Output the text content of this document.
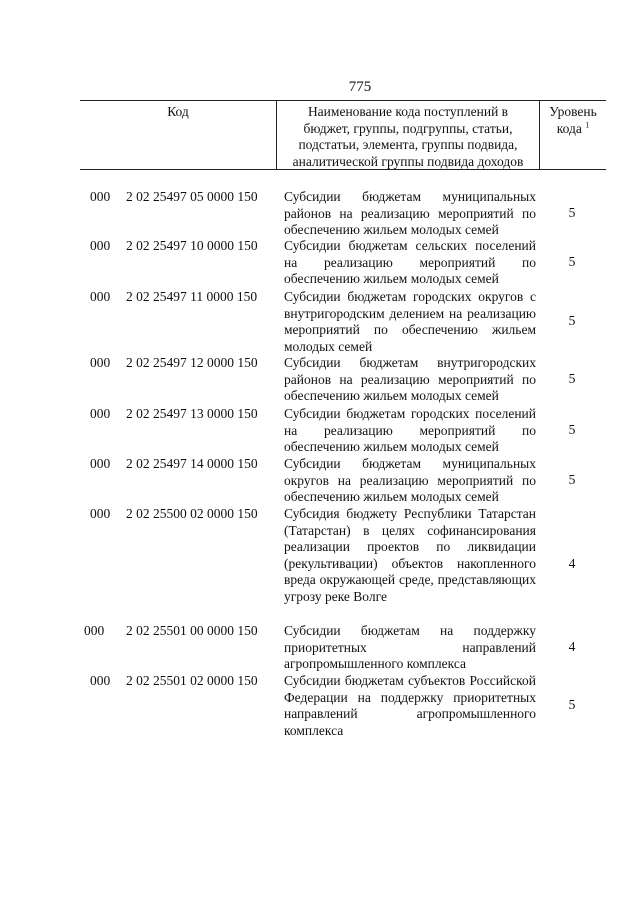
775
Код	Наименование кода поступлений в
бюджет, группы, подгруппы, статьи,
подстатьи, элемента, группы подвида,
аналитической группы подвида доходов
Уровень
кода $^1$
000 2 02 25497 05 0000 150 Субсидии бюджетам муниципальных районов на реализацию мероприятий по обеспечению жильем молодых семей
5
000 2 02 25497 10 0000 150 Субсидии бюджетам сельских поселений на реализацию мероприятий по обеспечению жильем молодых семей
5
000 2 02 25497 11 0000 150 Субсидии бюджетам городских округов с внутригородским делением на реализацию мероприятий по обеспечению жильем молодых семей
5
000 2 02 25497 12 0000 150 Субсидии бюджетам внутригородских районов на реализацию мероприятий по обеспечению жильем молодых семей
5
000 2 02 25497 13 0000 150 Субсидии бюджетам городских поселений на реализацию мероприятий по обеспечению жильем молодых семей
5
000 2 02 25497 14 0000 150 Субсидии бюджетам муниципальных округов на реализацию мероприятий по обеспечению жильем молодых семей
5
000 2 02 25500 02 0000 150 Субсидия бюджету Республики Татарстан (Татарстан) в целях софинансирования реализации проектов по ликвидации (рекультивации) объектов накопленного вреда окружающей среде, представляющих угрозу реке Волге
4
000 2 02 25501 00 0000 150 Субсидии бюджетам на поддержку приоритетных направлений агропромышленного комплекса
4
000 2 02 25501 02 0000 150 Субсидии бюджетам субъектов Российской Федерации на поддержку приоритетных направлений агропромышленного комплекса
5
